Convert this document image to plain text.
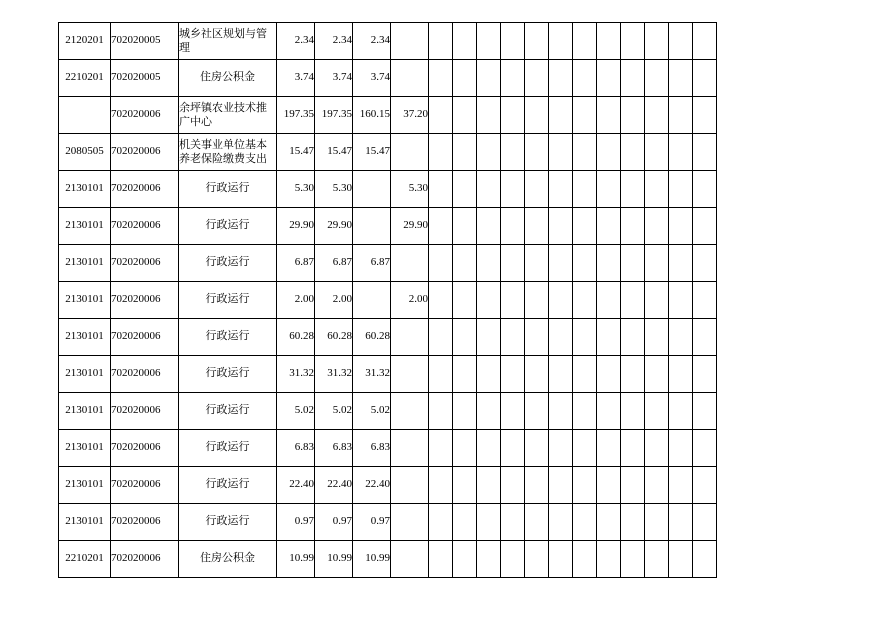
2120201	702020005	城乡社区规划与管理	2.34	2.34	2.34													
2210201	702020005	住房公积金	3.74	3.74	3.74													
	702020006	余坪镇农业技术推广中心	197.35	197.35	160.15	37.20												
2080505	702020006	机关事业单位基本养老保险缴费支出	15.47	15.47	15.47													
2130101	702020006	行政运行	5.30	5.30		5.30												
2130101	702020006	行政运行	29.90	29.90		29.90												
2130101	702020006	行政运行	6.87	6.87	6.87													
2130101	702020006	行政运行	2.00	2.00		2.00												
2130101	702020006	行政运行	60.28	60.28	60.28													
2130101	702020006	行政运行	31.32	31.32	31.32													
2130101	702020006	行政运行	5.02	5.02	5.02													
2130101	702020006	行政运行	6.83	6.83	6.83													
2130101	702020006	行政运行	22.40	22.40	22.40													
2130101	702020006	行政运行	0.97	0.97	0.97													
2210201	702020006	住房公积金	10.99	10.99	10.99													
